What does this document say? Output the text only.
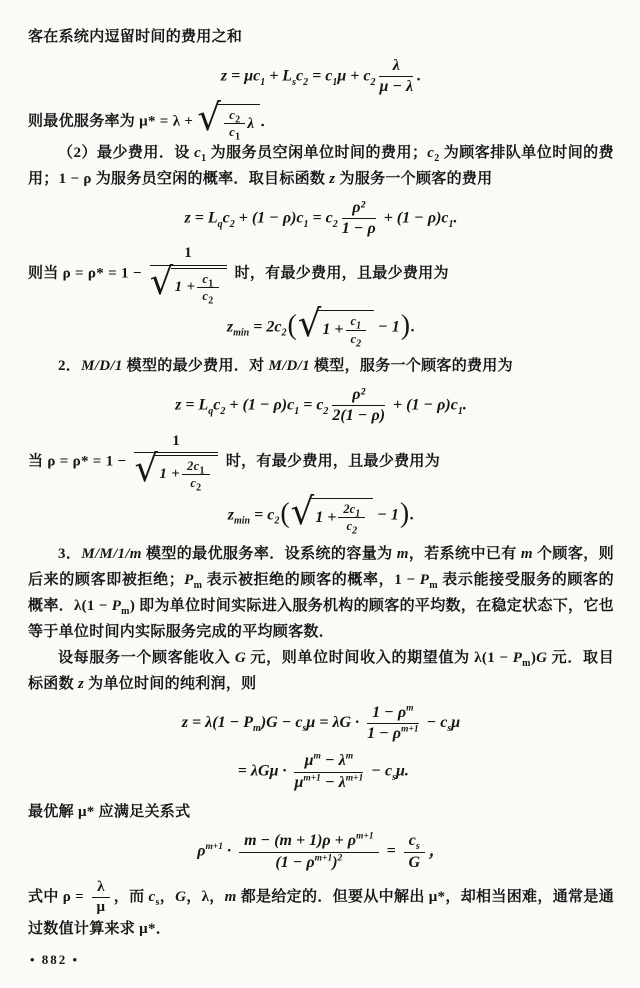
客在系统内逗留时间的费用之和

$z = \mu c_1 + L_sc_2 = c_1\mu + c_2 \frac{\lambda}{\mu - \lambda}$ .

则最优服务率为 μ* = λ + √ $\frac{c_2}{c_1}$ λ ．

（2）最少费用．设 $c_1$ 为服务员空闲单位时间的费用；$c_2$ 为顾客排队单位时间的费用；1 − ρ 为服务员空闲的概率．取目标函数 z 为服务一个顾客的费用

$z = L_qc_2 + (1 - \rho)c_1 = c_2 \frac{\text{ρ²}}{1 - \rho} + (1 - \rho)c_1$.

则当 $\rho = \rho* = 1 - \frac{1}{√ 1 + \frac{c_1}{c_2}}$ 时，有最少费用，且最少费用为

$z_{min} = 2c_2$( √ $1 + \frac{c_1}{c_2} - 1$).

2．M/D/1 模型的最少费用．对 M/D/1 模型，服务一个顾客的费用为

$z = L_qc_2 + (1 - \rho)c_1 = c_2 \frac{\text{ρ²}}{2(1 - \rho)} + (1 - \rho)c_1$.

当 $\rho = \rho* = 1 - \frac{1}{√ 1 + \frac{2c_1}{c_2}}$ 时，有最少费用，且最少费用为

$z_{min} = c_2$( √ $1 + \frac{2c_1}{c_2} - 1$).

3．M/M/1/m 模型的最优服务率．设系统的容量为 m，若系统中已有 m 个顾客，则后来的顾客即被拒绝；$P_m$ 表示被拒绝的顾客的概率，$1 - P_m$ 表示能接受服务的顾客的概率．$\lambda(1 - P_m)$ 即为单位时间实际进入服务机构的顾客的平均数，在稳定状态下，它也等于单位时间内实际服务完成的平均顾客数．

设每服务一个顾客能收入 G 元，则单位时间收入的期望值为 $\lambda(1 - P_m)G$ 元．取目标函数 z 为单位时间的纯利润，则

$z = \lambda(1 - P_m)G - c_s\mu = \lambda G \cdot \frac{1 - \rho^m}{1 - \rho^{m+1}} - c_s\mu$
= $\lambda G\mu \cdot \frac{\mu^m - \lambda^m}{\mu^{m+1} - \lambda^{m+1}} - c_s\mu$.

最优解 μ* 应满足关系式

$\rho^{m+1} \cdot \frac{m - (m + 1)\rho + \rho^{m+1}}{(1 - \rho^{m+1})^2} = \frac{c_s}{G}$ ，

式中 $\rho = \frac{\lambda}{\mu}$ ，而 $c_s$，G，λ，m 都是给定的．但要从中解出 μ*，却相当困难，通常是通过数值计算来求 μ*．

• 882 •
